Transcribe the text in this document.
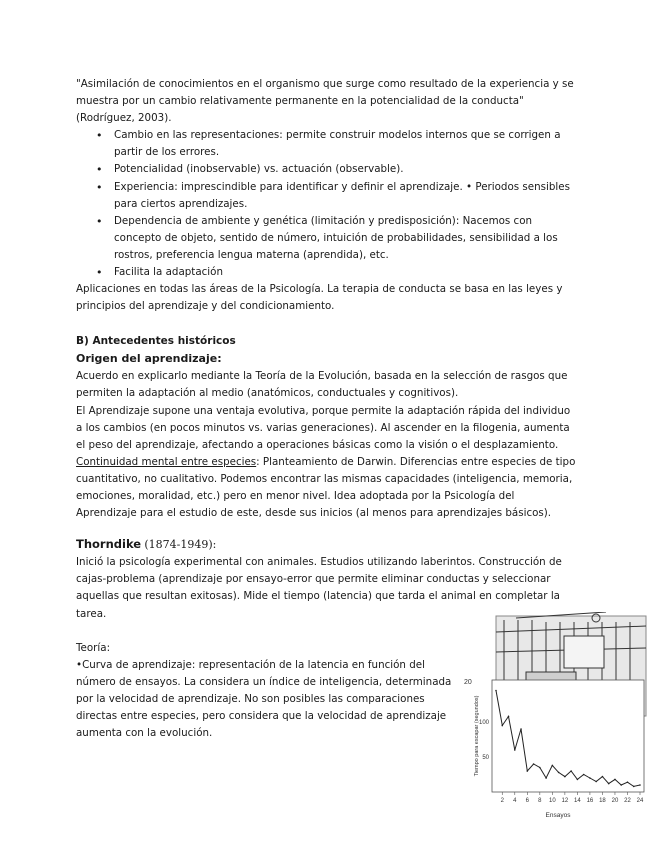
"Asimilación de conocimientos en el organismo que surge como resultado de la experiencia y se muestra por un cambio relativamente permanente en la potencialidad de la conducta" (Rodríguez, 2003).

• Cambio en las representaciones: permite construir modelos internos que se corrigen a partir de los errores.
• Potencialidad (inobservable) vs. actuación (observable).
• Experiencia: imprescindible para identificar y definir el aprendizaje. • Periodos sensibles para ciertos aprendizajes.
• Dependencia de ambiente y genética (limitación y predisposición): Nacemos con concepto de objeto, sentido de número, intuición de probabilidades, sensibilidad a los rostros, preferencia lengua materna (aprendida), etc.
• Facilita la adaptación

Aplicaciones en todas las áreas de la Psicología. La terapia de conducta se basa en las leyes y principios del aprendizaje y del condicionamiento.

B) Antecedentes históricos
Origen del aprendizaje:

Acuerdo en explicarlo mediante la Teoría de la Evolución, basada en la selección de rasgos que permiten la adaptación al medio (anatómicos, conductuales y cognitivos).

El Aprendizaje supone una ventaja evolutiva, porque permite la adaptación rápida del individuo a los cambios (en pocos minutos vs. varias generaciones). Al ascender en la filogenia, aumenta el peso del aprendizaje, afectando a operaciones básicas como la visión o el desplazamiento.

Continuidad mental entre especies: Planteamiento de Darwin. Diferencias entre especies de tipo cuantitativo, no cualitativo. Podemos encontrar las mismas capacidades (inteligencia, memoria, emociones, moralidad, etc.) pero en menor nivel. Idea adoptada por la Psicología del Aprendizaje para el estudio de este, desde sus inicios (al menos para aprendizajes básicos).

Thorndike (1874-1949):

Inició la psicología experimental con animales. Estudios utilizando laberintos. Construcción de cajas-problema (aprendizaje por ensayo-error que permite eliminar conductas y seleccionar aquellas que resultan exitosas). Mide el tiempo (latencia) que tarda el animal en completar la tarea.

Teoría:

•Curva de aprendizaje: representación de la latencia en función del número de ensayos. La considera un índice de inteligencia, determinada por la velocidad de aprendizaje. No son posibles las comparaciones directas entre especies, pero considera que la velocidad de aprendizaje aumenta con la evolución.

20
50
100
2 4 6 8 10 12 14 16 18 20 22 24
Ensayos
Tiempo para escapar (segundos)
